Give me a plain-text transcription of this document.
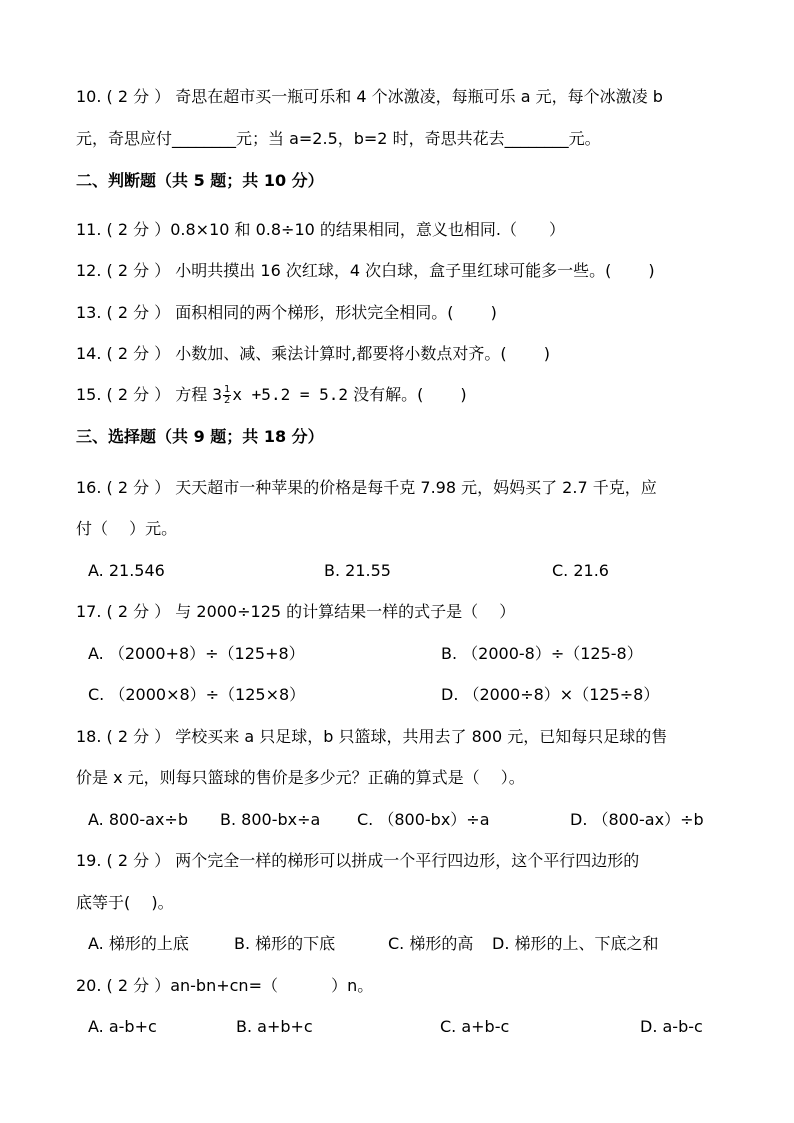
10. ( 2 分 ） 奇思在超市买一瓶可乐和 4 个冰激凌，每瓶可乐 a 元，每个冰激凌 b
元，奇思应付________元；当 a=2.5，b=2 时，奇思共花去________元。
二、判断题（共 5 题；共 10 分）
11. ( 2 分 ）0.8×10 和 0.8÷10 的结果相同，意义也相同.（　　）
12. ( 2 分 ） 小明共摸出 16 次红球，4 次白球，盒子里红球可能多一些。(　　 )
13. ( 2 分 ） 面积相同的两个梯形，形状完全相同。(　　 )
14. ( 2 分 ） 小数加、减、乘法计算时,都要将小数点对齐。(　　 )
15. ( 2 分 ） 方程 $3 \frac{1}{2}$ x +5.2 = 5.2 没有解。(　　 )
三、选择题（共 9 题；共 18 分）
16. ( 2 分 ） 天天超市一种苹果的价格是每千克 7.98 元，妈妈买了 2.7 千克，应
付（　 ）元。
A. 21.546	B. 21.55	C. 21.6
17. ( 2 分 ） 与 2000÷125 的计算结果一样的式子是（　 ）
A. （2000+8）÷（125+8）	B. （2000-8）÷（125-8）
C. （2000×8）÷（125×8）	D. （2000÷8）×（125÷8）
18. ( 2 分 ） 学校买来 a 只足球，b 只篮球，共用去了 800 元，已知每只足球的售
价是 x 元，则每只篮球的售价是多少元？正确的算式是（　 ）。
A. 800-ax÷b B. 800-bx÷a C. （800-bx）÷a	D. （800-ax）÷b
19. ( 2 分 ） 两个完全一样的梯形可以拼成一个平行四边形，这个平行四边形的
底等于(　 )。
A. 梯形的上底	B. 梯形的下底	C. 梯形的高 D. 梯形的上、下底之和
20. ( 2 分 ）an-bn+cn=（　　　 ）n。
A. a-b+c	B. a+b+c	C. a+b-c	D. a-b-c
